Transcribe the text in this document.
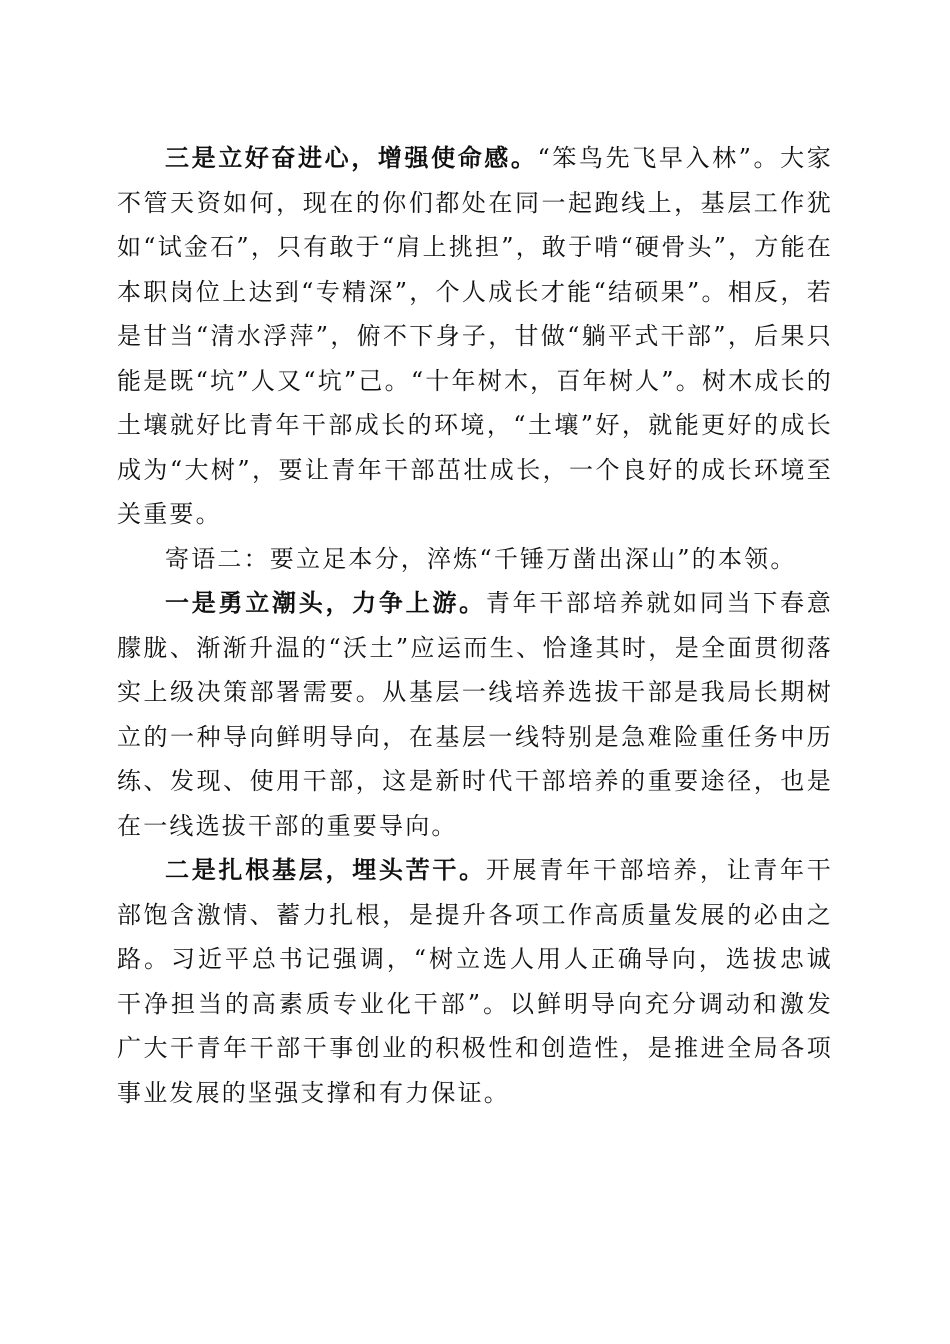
三是立好奋进心，增强使命感。“笨鸟先飞早入林”。大家不管天资如何，现在的你们都处在同一起跑线上，基层工作犹如“试金石”，只有敢于“肩上挑担”，敢于啃“硬骨头”，方能在本职岗位上达到“专精深”，个人成长才能“结硕果”。相反，若是甘当“清水浮萍”，俯不下身子，甘做“躺平式干部”，后果只能是既“坑”人又“坑”己。“十年树木，百年树人”。树木成长的土壤就好比青年干部成长的环境，“土壤”好，就能更好的成长成为“大树”，要让青年干部茁壮成长，一个良好的成长环境至关重要。

寄语二：要立足本分，淬炼“千锤万凿出深山”的本领。

一是勇立潮头，力争上游。青年干部培养就如同当下春意朦胧、渐渐升温的“沃土”应运而生、恰逢其时，是全面贯彻落实上级决策部署需要。从基层一线培养选拔干部是我局长期树立的一种导向鲜明导向，在基层一线特别是急难险重任务中历练、发现、使用干部，这是新时代干部培养的重要途径，也是在一线选拔干部的重要导向。

二是扎根基层，埋头苦干。开展青年干部培养，让青年干部饱含激情、蓄力扎根，是提升各项工作高质量发展的必由之路。习近平总书记强调，“树立选人用人正确导向，选拔忠诚干净担当的高素质专业化干部”。以鲜明导向充分调动和激发广大干青年干部干事创业的积极性和创造性，是推进全局各项事业发展的坚强支撑和有力保证。
